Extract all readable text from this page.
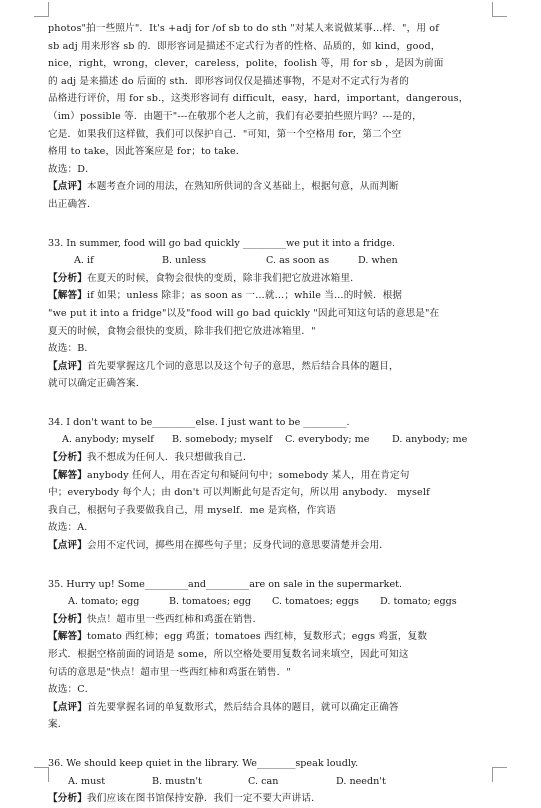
photos"拍一些照片"．It's +adj for /of sb to do sth "对某人来说做某事…样．"，用 of
sb adj 用来形容 sb 的．即形容词是描述不定式行为者的性格、品质的，如 kind，good，
nice，right，wrong，clever，careless，polite，foolish 等，用 for sb ，是因为前面
的 adj 是来描述 do 后面的 sth．即形容词仅仅是描述事物，不是对不定式行为者的
品格进行评价，用 for sb.，这类形容词有 difficult，easy，hard，important，dangerous，
（im）possible 等．由题干"---在敬那个老人之前，我们有必要拍些照片吗？---是的，
它是．如果我们这样做，我们可以保护自己．"可知，第一个空格用 for，第二个空
格用 to take，因此答案应是 for；to take．
故选：D．
【点评】本题考查介词的用法，在熟知所供词的含义基础上，根据句意，从而判断
出正确答．
33. In summer, food will go bad quickly _________we put it into a fridge.
A. if	B. unless	C. as soon as	D. when
【分析】在夏天的时候，食物会很快的变质，除非我们把它放进冰箱里．
【解答】if 如果；unless 除非；as soon as 一…就…；while 当…的时候．根据
"we put it into a fridge"以及"food will go bad quickly "因此可知这句话的意思是"在
夏天的时候，食物会很快的变质，除非我们把它放进冰箱里．"
故选：B．
【点评】首先要掌握这几个词的意思以及这个句子的意思，然后结合具体的题目，
就可以确定正确答案．
34. I don't want to be_________else. I just want to be _________.
A. anybody; myself	B. somebody; myself	C. everybody; me	D. anybody; me
【分析】我不想成为任何人．我只想做我自己．
【解答】anybody 任何人，用在否定句和疑问句中；somebody 某人，用在肯定句
中；everybody 每个人；由 don't 可以判断此句是否定句，所以用 anybody． myself
我自己，根据句子我要做我自己，用 myself．me 是宾格，作宾语
故选：A．
【点评】会用不定代词，掷些用在掷些句子里；反身代词的意思要清楚并会用．
35. Hurry up! Some_________and_________are on sale in the supermarket.
A. tomato; egg	B. tomatoes; egg	C. tomatoes; eggs	D. tomato; eggs
【分析】快点！超市里一些西红柿和鸡蛋在销售．
【解答】tomato 西红柿；egg 鸡蛋；tomatoes 西红柿，复数形式；eggs 鸡蛋，复数
形式．根据空格前面的词语是 some，所以空格处要用复数名词来填空，因此可知这
句话的意思是"快点！超市里一些西红柿和鸡蛋在销售．"
故选：C．
【点评】首先要掌握名词的单复数形式，然后结合具体的题目，就可以确定正确答
案．
36. We should keep quiet in the library. We________speak loudly.
A. must	B. mustn't	C. can	D. needn't
【分析】我们应该在图书馆保持安静．我们一定不要大声讲话．
